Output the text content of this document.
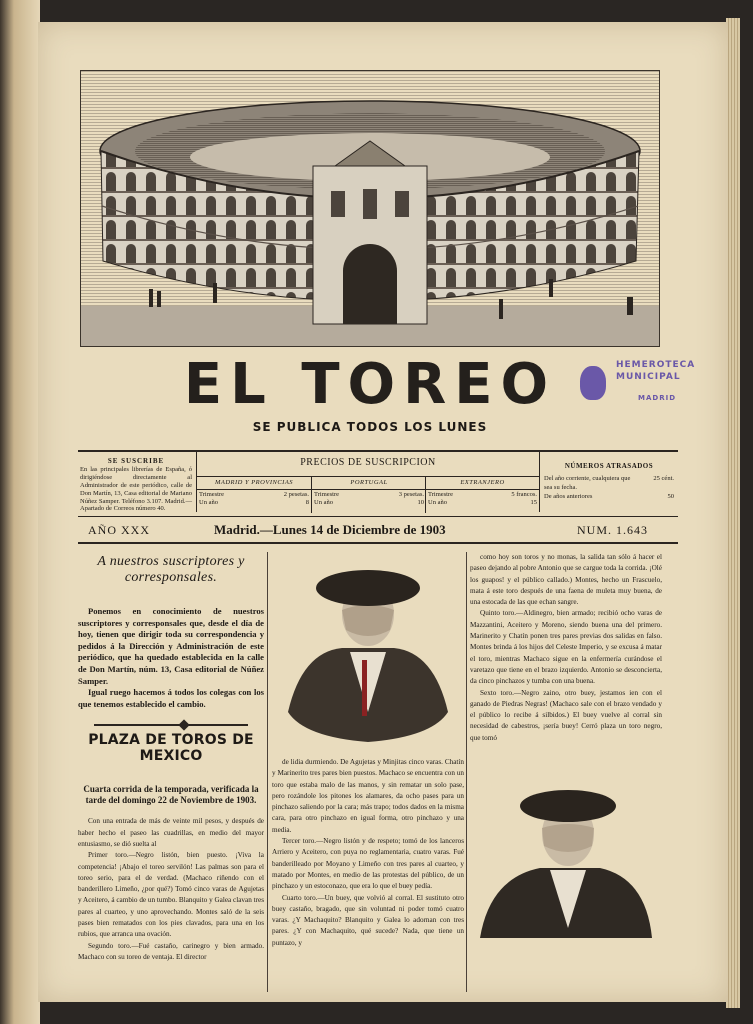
EL TOREO	HEMEROTECA
MUNICIPAL
MADRID
SE PUBLICA TODOS LOS LUNES
SE SUSCRIBE
En las principales librerías de España, ó dirigiéndose directamente al Administrador de este periódico, calle de Don Martín, 13, Casa editorial de Mariano Núñez Samper. Teléfono 3.107. Madrid.—Apartado de Correos número 40.
PRECIOS DE SUSCRIPCION
MADRID Y PROVINCIAS
Trimestre	2 pesetas.
Un año	8
PORTUGAL
Trimestre	3 pesetas.
Un año	10
EXTRANJERO
Trimestre	5 francos.
Un año	15
NÚMEROS ATRASADOS
Del año corriente, cualquiera que sea su fecha.
25 cént.
De años anteriores	50
AÑO XXX	Madrid.—Lunes 14 de Diciembre de 1903	NUM. 1.643
A nuestros suscriptores y corresponsales.

Ponemos en conocimiento de nuestros suscriptores y corresponsales que, desde el día de hoy, tienen que dirigir toda su correspondencia y pedidos á la Dirección y Administración de este periódico, que ha quedado establecida en la calle de Don Martín, núm. 13, Casa editorial de Núñez Samper.

Igual ruego hacemos á todos los colegas con los que tenemos establecido el cambio.

PLAZA DE TOROS DE MEXICO
Cuarta corrida de la temporada, verificada la tarde del domingo 22 de Noviembre de 1903.

Con una entrada de más de veinte mil pesos, y después de haber hecho el paseo las cuadrillas, en medio del mayor entusiasmo, se dió suelta al

Primer toro.—Negro listón, bien puesto. ¡Viva la competencia! ¡Abajo el toreo servilón! Las palmas son para el toreo serio, para el de verdad. (Machaco riñendo con el banderillero Limeño, ¿por qué?) Tomó cinco varas de Agujetas y Aceitero, á cambio de un tumbo. Blanquito y Galea clavan tres pares al cuarteo, y uno aprovechando. Montes saló de la seis pases bien rematados con los pies clavados, para una en los rubios, que arranca una ovación.

Segundo toro.—Fué castaño, carinegro y bien armado. Machaco con su toreo de ventaja. El director

de lidia durmiendo. De Agujetas y Minjitas cinco varas. Chatín y Marinerito tres pares bien puestos. Machaco se encuentra con un toro que estaba malo de las manos, y sin rematar un solo pase, pero rozándole los pitones los alamares, da ocho pases para un pinchazo saliendo por la cara; más trapo; todos dados en la misma cara, para otro pinchazo en igual forma, otro pinchazo y una media.

Tercer toro.—Negro listón y de respeto; tomó de los lanceros Arriero y Aceitero, con puya no reglamentaria, cuatro varas. Fué banderilleado por Moyano y Limeño con tres pares al cuarteo, y matado por Montes, en medio de las protestas del público, de un pinchazo y un estoconazo, que era lo que el buey pedía.

Cuarto toro.—Un buey, que volvió al corral. El sustituto otro buey castaño, bragado, que sin voluntad ni poder tomó cuatro varas. ¿Y Machaquito? Blanquito y Galea lo adornan con tres pares. ¿Y con Machaquito, qué sucede? Nada, que tiene un puntazo, y

como hoy son toros y no monas, la salida tan sólo á hacer el paseo dejando al pobre Antonio que se cargue toda la corrida. ¡Olé los guapos! y el público callado.) Montes, hecho un Frascuelo, mata á este toro después de una faena de muleta muy buena, de una estocada de las que echan sangre.

Quinto toro.—Aldinegro, bien armado; recibió ocho varas de Mazzantini, Aceitero y Moreno, siendo buena una del primero. Marinerito y Chatín ponen tres pares previas dos salidas en falso. Montes brinda á los hijos del Celeste Imperio, y se excusa á matar el toro, mientras Machaco sigue en la enfermería curándose el varetazo que tiene en el brazo izquierdo. Antonio se desconcierta, da cinco pinchazos y tumba con una buena.

Sexto toro.—Negro zaino, otro buey, jestamos ien con el ganado de Piedras Negras! (Machaco sale con el brazo vendado y el público lo recibe á silbidos.) El buey vuelve al corral sin necesidad de cabestros, ¡sería buey! Cerró plaza un toro negro, que tomó
